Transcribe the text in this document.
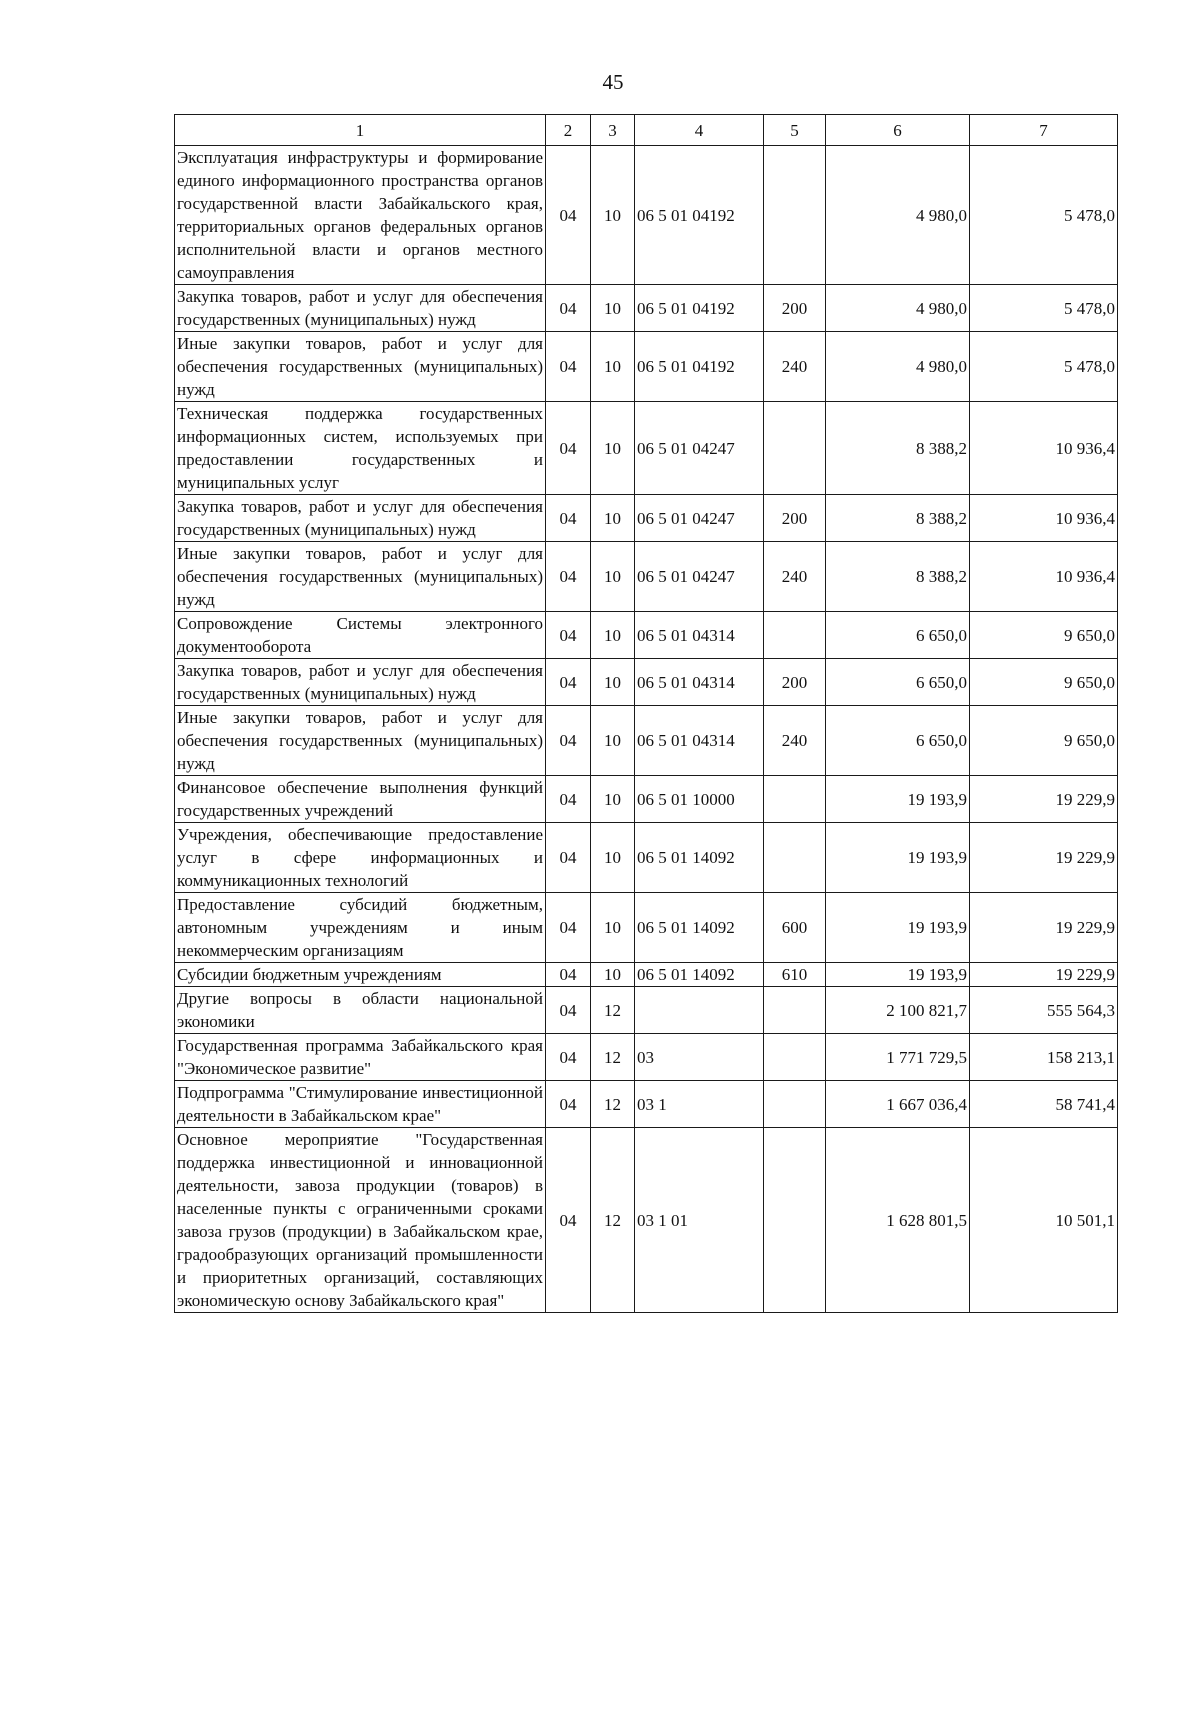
45
1	2	3	4	5	6	7
Эксплуатация инфраструктуры и формирование единого информационного пространства органов государственной власти Забайкальского края, территориальных органов федеральных органов исполнительной власти и органов местного самоуправления	04	10	06 5 01 04192		4 980,0	5 478,0
Закупка товаров, работ и услуг для обеспечения государственных (муниципальных) нужд	04	10	06 5 01 04192	200	4 980,0	5 478,0
Иные закупки товаров, работ и услуг для обеспечения государственных (муниципальных) нужд	04	10	06 5 01 04192	240	4 980,0	5 478,0
Техническая поддержка государственных информационных систем, используемых при предоставлении государственных и муниципальных услуг	04	10	06 5 01 04247		8 388,2	10 936,4
Закупка товаров, работ и услуг для обеспечения государственных (муниципальных) нужд	04	10	06 5 01 04247	200	8 388,2	10 936,4
Иные закупки товаров, работ и услуг для обеспечения государственных (муниципальных) нужд	04	10	06 5 01 04247	240	8 388,2	10 936,4
Сопровождение Системы электронного документооборота	04	10	06 5 01 04314		6 650,0	9 650,0
Закупка товаров, работ и услуг для обеспечения государственных (муниципальных) нужд	04	10	06 5 01 04314	200	6 650,0	9 650,0
Иные закупки товаров, работ и услуг для обеспечения государственных (муниципальных) нужд	04	10	06 5 01 04314	240	6 650,0	9 650,0
Финансовое обеспечение выполнения функций государственных учреждений	04	10	06 5 01 10000		19 193,9	19 229,9
Учреждения, обеспечивающие предоставление услуг в сфере информационных и коммуникационных технологий	04	10	06 5 01 14092		19 193,9	19 229,9
Предоставление субсидий бюджетным, автономным учреждениям и иным некоммерческим организациям	04	10	06 5 01 14092	600	19 193,9	19 229,9
Субсидии бюджетным учреждениям	04	10	06 5 01 14092	610	19 193,9	19 229,9
Другие вопросы в области национальной экономики	04	12			2 100 821,7	555 564,3
Государственная программа Забайкальского края "Экономическое развитие"	04	12	03		1 771 729,5	158 213,1
Подпрограмма "Стимулирование инвестиционной деятельности в Забайкальском крае"	04	12	03 1		1 667 036,4	58 741,4
Основное мероприятие "Государственная поддержка инвестиционной и инновационной деятельности, завоза продукции (товаров) в населенные пункты с ограниченными сроками завоза грузов (продукции) в Забайкальском крае, градообразующих организаций промышленности и приоритетных организаций, составляющих экономическую основу Забайкальского края"	04	12	03 1 01		1 628 801,5	10 501,1
